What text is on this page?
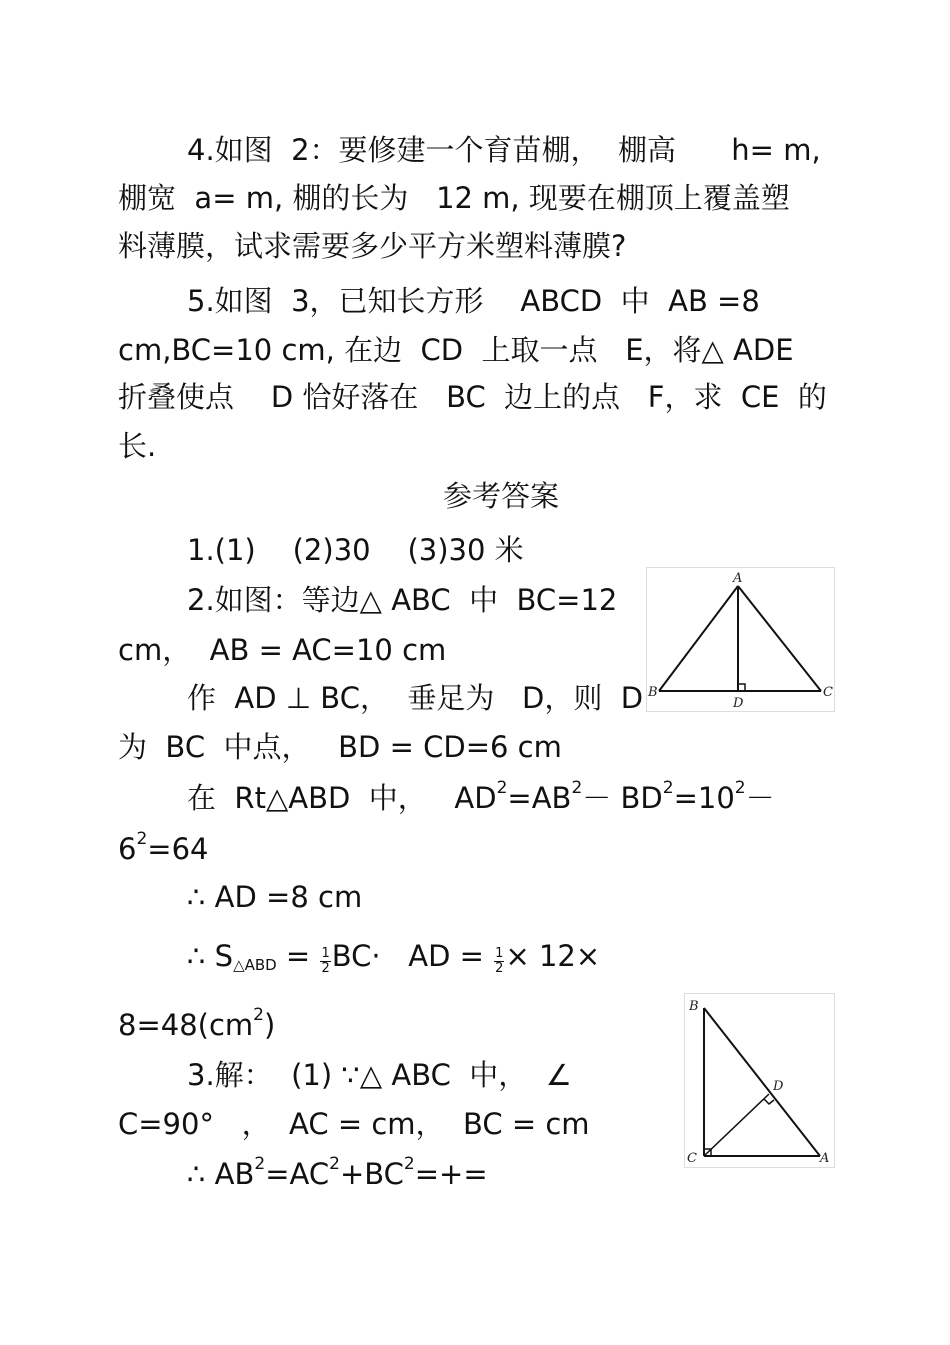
4.如图  2：要修建一个育苗棚，  棚高      h= m,
棚宽  a= m, 棚的长为   12 m, 现要在棚顶上覆盖塑
料薄膜，试求需要多少平方米塑料薄膜?
5.如图  3，已知长方形    ABCD  中  AB =8
cm,BC=10 cm, 在边  CD  上取一点   E，将△ ADE
折叠使点    D 恰好落在   BC  边上的点   F，求  CE  的
长.
参考答案
1.(1)    (2)30    (3)30 米
2.如图：等边△ ABC  中  BC=12
cm，  AB = AC=10 cm
作  AD ⊥ BC，  垂足为   D，则  D
为  BC  中点，   BD = CD=6 cm
在  Rt△ABD  中，   $AD^2=AB^2- BD^2=10^2-$
$6^2=64$
∴ AD =8 cm
∴ $S_{\triangle ABD} = \frac{1}{2} BC\cdot$   AD = $\frac{1}{2} \times 12\times$
$8=48(cm^2)$
3.解：  (1) ∵△ ABC  中，  ∠
C=90°   ，  AC = cm，  BC = cm
∴ $AB^2=AC^2+BC^2=+=$
A
B	C
D
B
C	A
D
